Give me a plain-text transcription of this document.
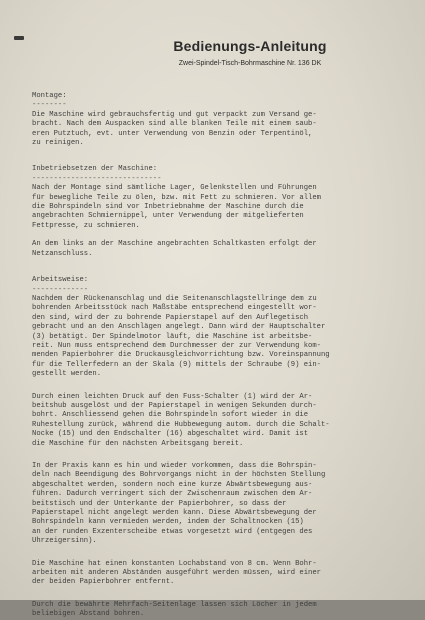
Bedienungs-Anleitung
Zwei-Spindel-Tisch-Bohrmaschine Nr. 136 DK
Montage:
--------
Die Maschine wird gebrauchsfertig und gut verpackt zum Versand ge-
bracht. Nach dem Auspacken sind alle blanken Teile mit einem saub-
eren Putztuch, evt. unter Verwendung von Benzin oder Terpentinöl,
zu reinigen.
Inbetriebsetzen der Maschine:
------------------------------
Nach der Montage sind sämtliche Lager, Gelenkstellen und Führungen
für bewegliche Teile zu ölen, bzw. mit Fett zu schmieren. Vor allem
die Bohrspindeln sind vor Inbetriebnahme der Maschine durch die
angebrachten Schmiernippel, unter Verwendung der mitgelieferten
Fettpresse, zu schmieren.
An dem links an der Maschine angebrachten Schaltkasten erfolgt der
Netzanschluss.
Arbeitsweise:
-------------
Nachdem der Rückenanschlag und die Seitenanschlagstellringe dem zu
bohrenden Arbeitsstück nach Maßstäbe entsprechend eingestellt wor-
den sind, wird der zu bohrende Papierstapel auf den Auflegetisch
gebracht und an den Anschlägen angelegt. Dann wird der Hauptschalter
(3) betätigt. Der Spindelmotor läuft, die Maschine ist arbeitsbe-
reit. Nun muss entsprechend dem Durchmesser der zur Verwendung kom-
menden Papierbohrer die Druckausgleichvorrichtung bzw. Voreinspannung
für die Tellerfedern an der Skala (9) mittels der Schraube (9) ein-
gestellt werden.
Durch einen leichten Druck auf den Fuss-Schalter (1) wird der Ar-
beitshub ausgelöst und der Papierstapel in wenigen Sekunden durch-
bohrt. Anschliessend gehen die Bohrspindeln sofort wieder in die
Ruhestellung zurück, während die Hubbewegung autom. durch die Schalt-
Nocke (15) und den Endschalter (16) abgeschaltet wird. Damit ist
die Maschine für den nächsten Arbeitsgang bereit.
In der Praxis kann es hin und wieder vorkommen, dass die Bohrspin-
deln nach Beendigung des Bohrvorgangs nicht in der höchsten Stellung
abgeschaltet werden, sondern noch eine kurze Abwärtsbewegung aus-
führen. Dadurch verringert sich der Zwischenraum zwischen dem Ar-
beitstisch und der Unterkante der Papierbohrer, so dass der
Papierstapel nicht angelegt werden kann. Diese Abwärtsbewegung der
Bohrspindeln kann vermieden werden, indem der Schaltnocken (15)
an der runden Exzenterscheibe etwas vorgesetzt wird (entgegen des
Uhrzeigersinn).
Die Maschine hat einen konstanten Lochabstand von 8 cm. Wenn Bohr-
arbeiten mit anderen Abständen ausgeführt werden müssen, wird einer
der beiden Papierbohrer entfernt.
Durch die bewährte Mehrfach-Seitenlage lassen sich Löcher in jedem
beliebigen Abstand bohren.
